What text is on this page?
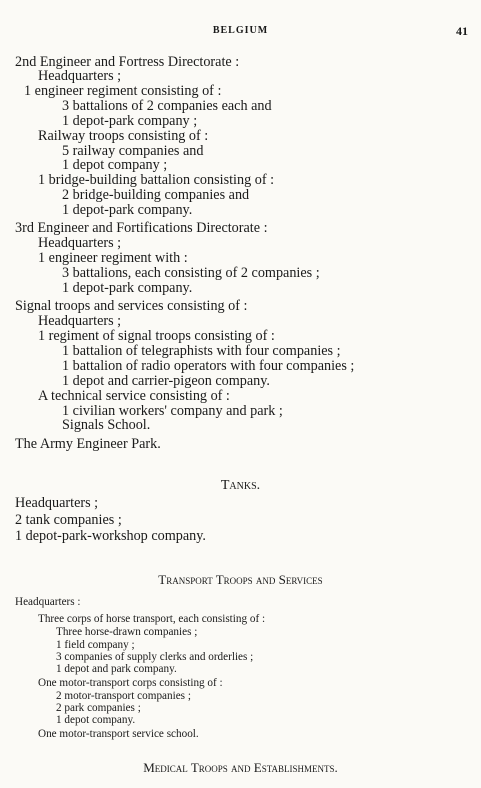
BELGIUM	41
2nd Engineer and Fortress Directorate :
Headquarters ;
1 engineer regiment consisting of :
3 battalions of 2 companies each and
1 depot-park company ;
Railway troops consisting of :
5 railway companies and
1 depot company ;
1 bridge-building battalion consisting of :
2 bridge-building companies and
1 depot-park company.
3rd Engineer and Fortifications Directorate :
Headquarters ;
1 engineer regiment with :
3 battalions, each consisting of 2 companies ;
1 depot-park company.
Signal troops and services consisting of :
Headquarters ;
1 regiment of signal troops consisting of :
1 battalion of telegraphists with four companies ;
1 battalion of radio operators with four companies ;
1 depot and carrier-pigeon company.
A technical service consisting of :
1 civilian workers' company and park ;
Signals School.
The Army Engineer Park.
Tanks.
Headquarters ;
2 tank companies ;
1 depot-park-workshop company.
Transport Troops and Services
Headquarters :
Three corps of horse transport, each consisting of :
Three horse-drawn companies ;
1 field company ;
3 companies of supply clerks and orderlies ;
1 depot and park company.
One motor-transport corps consisting of :
2 motor-transport companies ;
2 park companies ;
1 depot company.
One motor-transport service school.
Medical Troops and Establishments.
